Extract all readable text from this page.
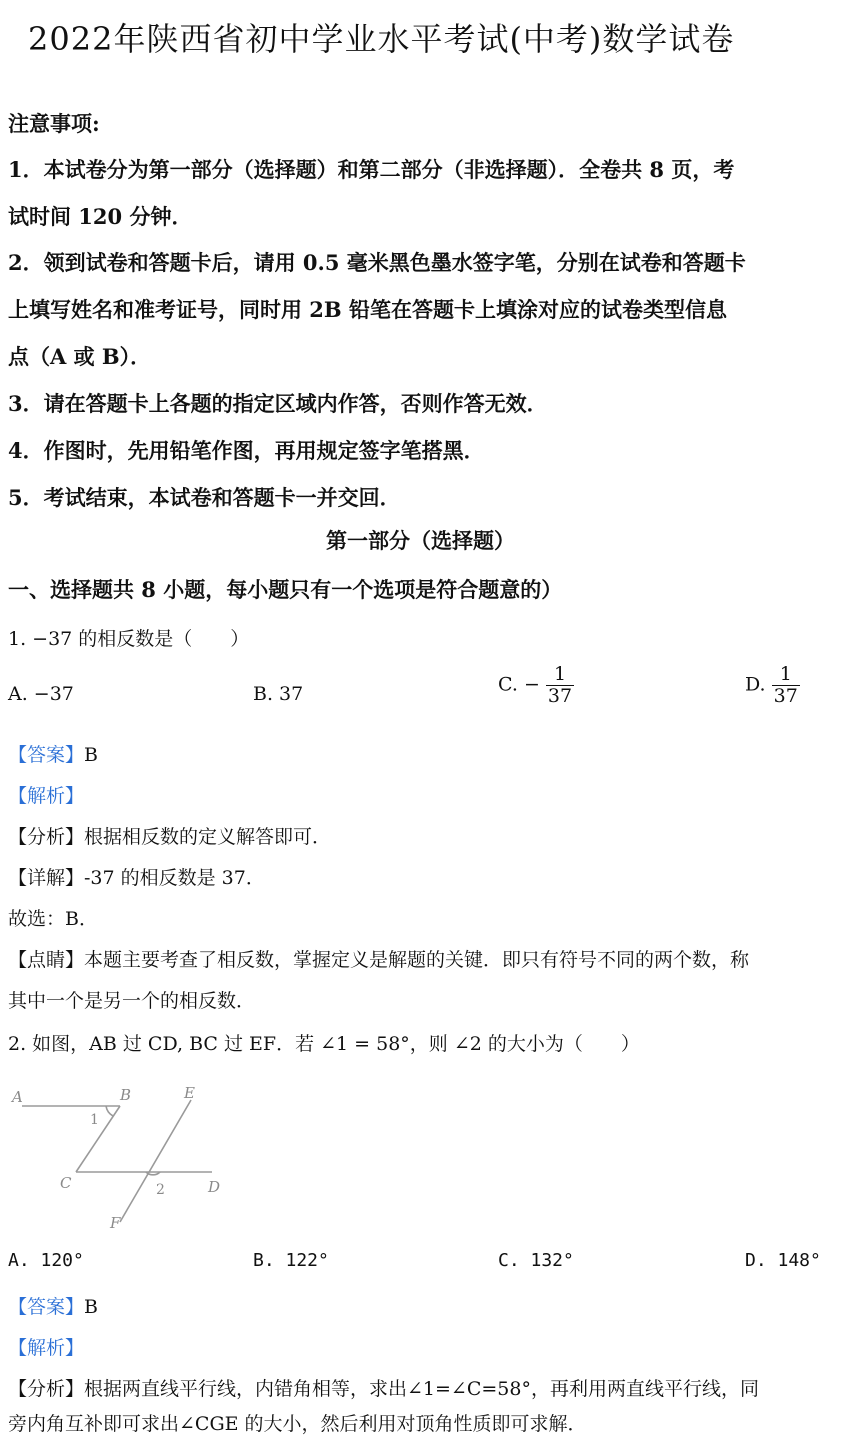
2022年陕西省初中学业水平考试(中考)数学试卷
注意事项:
1．本试卷分为第一部分（选择题）和第二部分（非选择题）．全卷共 8 页，考
试时间 120 分钟．
2．领到试卷和答题卡后，请用 0.5 毫米黑色墨水签字笔，分别在试卷和答题卡
上填写姓名和准考证号，同时用 2B 铅笔在答题卡上填涂对应的试卷类型信息
点（A 或 B）．
3．请在答题卡上各题的指定区域内作答，否则作答无效．
4．作图时，先用铅笔作图，再用规定签字笔搭黑．
5．考试结束，本试卷和答题卡一并交回．
第一部分（选择题）
一、选择题共 8 小题，每小题只有一个选项是符合题意的）
1. −37 的相反数是（　　）
A. −37	B. 37	C. − $\frac{1}{37}$	D. $\frac{1}{37}$
【答案】B
【解析】
【分析】根据相反数的定义解答即可．
【详解】-37 的相反数是 37．
故选：B．
【点睛】本题主要考查了相反数，掌握定义是解题的关键．即只有符号不同的两个数，称
其中一个是另一个的相反数．
2. 如图，AB 过 CD, BC 过 EF．若 ∠1 = 58°，则 ∠2 的大小为（　　）
A	B	E
C	D
F
1
2
A. 120°	B. 122°	C. 132°	D. 148°
【答案】B
【解析】
【分析】根据两直线平行线，内错角相等，求出∠1=∠C=58°，再利用两直线平行线，同
旁内角互补即可求出∠CGE 的大小，然后利用对顶角性质即可求解．
